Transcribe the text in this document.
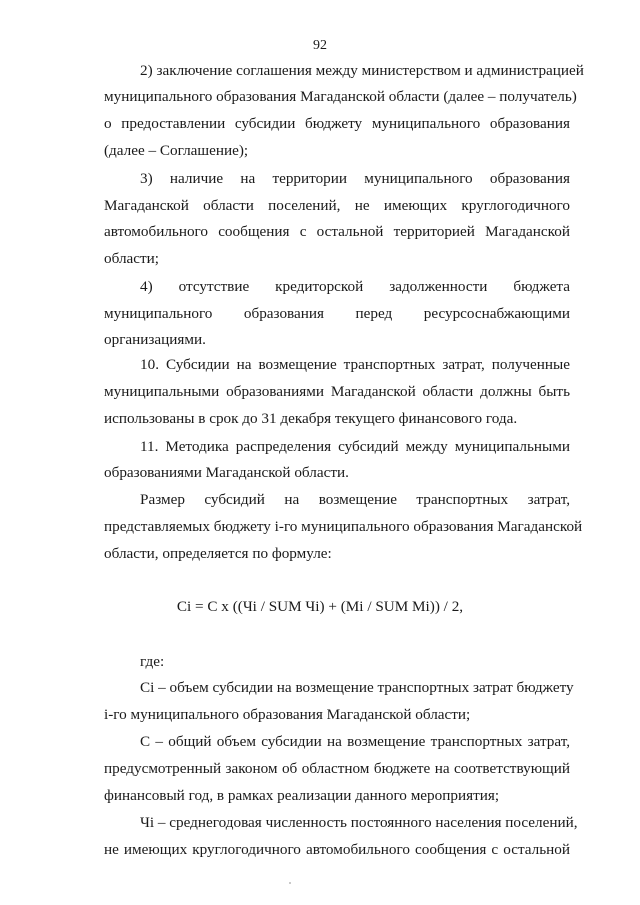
92
2) заключение соглашения между министерством и администрацией
муниципального образования Магаданской области (далее – получатель)
о предоставлении субсидии бюджету муниципального образования
(далее – Соглашение);
3) наличие на территории муниципального образования
Магаданской области поселений, не имеющих круглогодичного
автомобильного сообщения с остальной территорией Магаданской
области;
4) отсутствие кредиторской задолженности бюджета
муниципального образования перед ресурсоснабжающими
организациями.
10. Субсидии на возмещение транспортных затрат, полученные
муниципальными образованиями Магаданской области должны быть
использованы в срок до 31 декабря текущего финансового года.
11. Методика распределения субсидий между муниципальными
образованиями Магаданской области.
Размер субсидий на возмещение транспортных затрат,
представляемых бюджету i-го муниципального образования Магаданской
области, определяется по формуле:
Ci = C x ((Чi / SUM Чi) + (Mi / SUM Mi)) / 2,
где:
Ci – объем субсидии на возмещение транспортных затрат бюджету
i-го муниципального образования Магаданской области;
C – общий объем субсидии на возмещение транспортных затрат,
предусмотренный законом об областном бюджете на соответствующий
финансовый год, в рамках реализации данного мероприятия;
Чi – среднегодовая численность постоянного населения поселений,
не имеющих круглогодичного автомобильного сообщения с остальной
